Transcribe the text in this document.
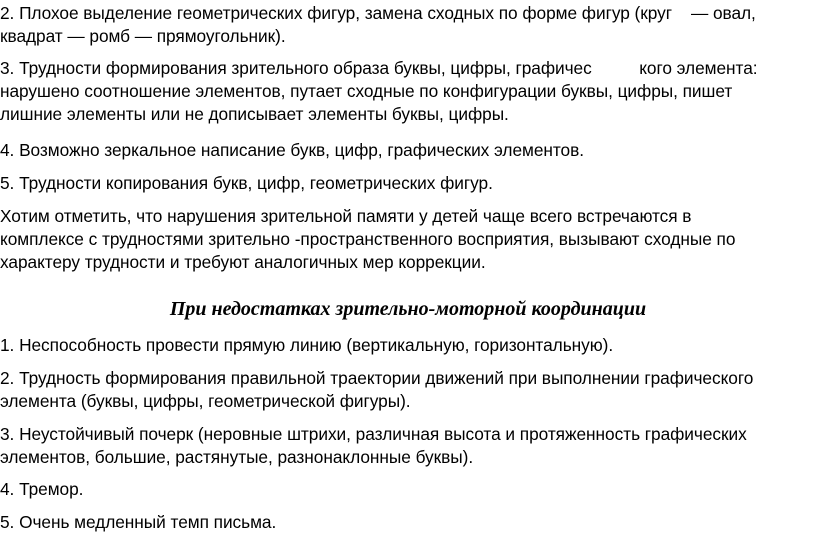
2. Плохое выделение геометрических фигур, замена сходных по форме фигур (круг    — овал,
квадрат — ромб — прямоугольник).

3. Трудности формирования зрительного образа буквы, цифры, графичес          кого элемента:
нарушено соотношение элементов, путает сходные по конфигурации буквы, цифры, пишет
лишние элементы или не дописывает элементы буквы, цифры.

4. Возможно зеркальное написание букв, цифр, графических элементов.

5. Трудности копирования букв, цифр, геометрических фигур.

Хотим отметить, что нарушения зрительной памяти у детей чаще всего встречаются в
комплексе с трудностями зрительно -пространственного восприятия, вызывают сходные по
характеру трудности и требуют аналогичных мер коррекции.

При недостатках зрительно-моторной координации

1. Неспособность провести прямую линию (вертикальную, горизонтальную).

2. Трудность формирования правильной траектории движений при выполнении графического
элемента (буквы, цифры, геометрической фигуры).

3. Неустойчивый почерк (неровные штрихи, различная высота и протяженность графических
элементов, большие, растянутые, разнонаклонные буквы).

4. Тремор.

5. Очень медленный темп письма.
